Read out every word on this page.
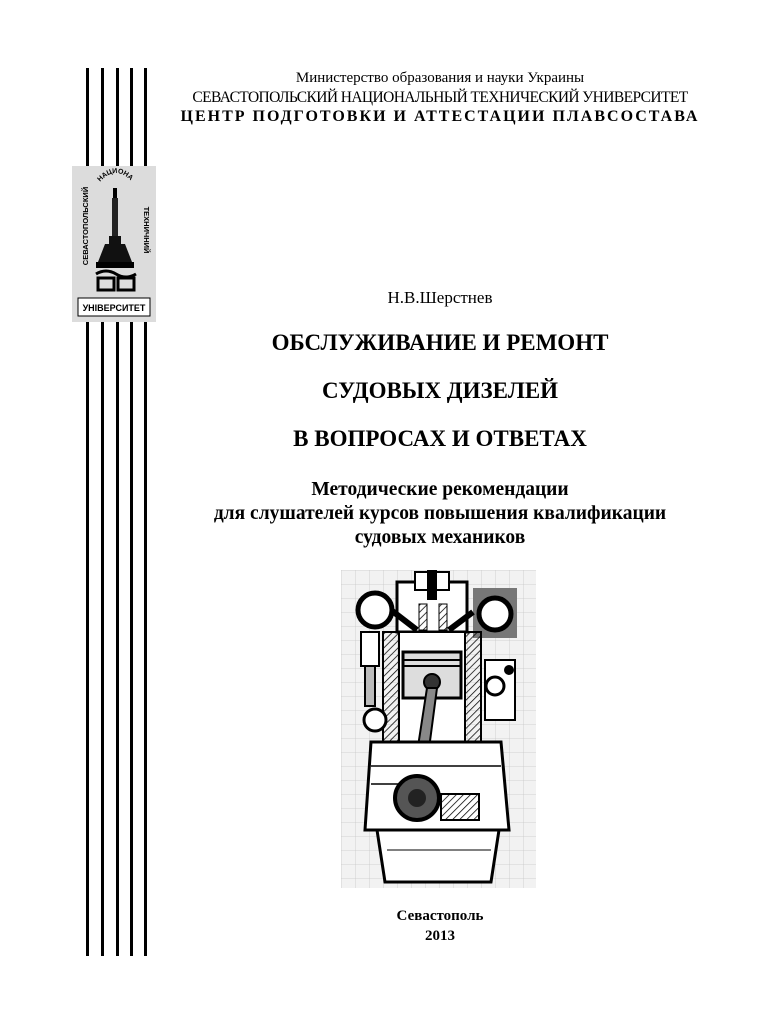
Министерство образования и науки Украины
СЕВАСТОПОЛЬСКИЙ НАЦИОНАЛЬНЫЙ ТЕХНИЧЕСКИЙ УНИВЕРСИТЕТ
ЦЕНТР ПОДГОТОВКИ И АТТЕСТАЦИИ ПЛАВСОСТАВА
НАЦИОНА
СЕВАСТОПОЛЬСКИЙ	ТЕХНИЧНИЙ
УНIВЕРСИТЕТ
Н.В.Шерстнев
ОБСЛУЖИВАНИЕ И РЕМОНТ
СУДОВЫХ ДИЗЕЛЕЙ
В ВОПРОСАХ И ОТВЕТАХ
Методические рекомендации
для слушателей курсов повышения квалификации
судовых механиков
Севастополь
2013
